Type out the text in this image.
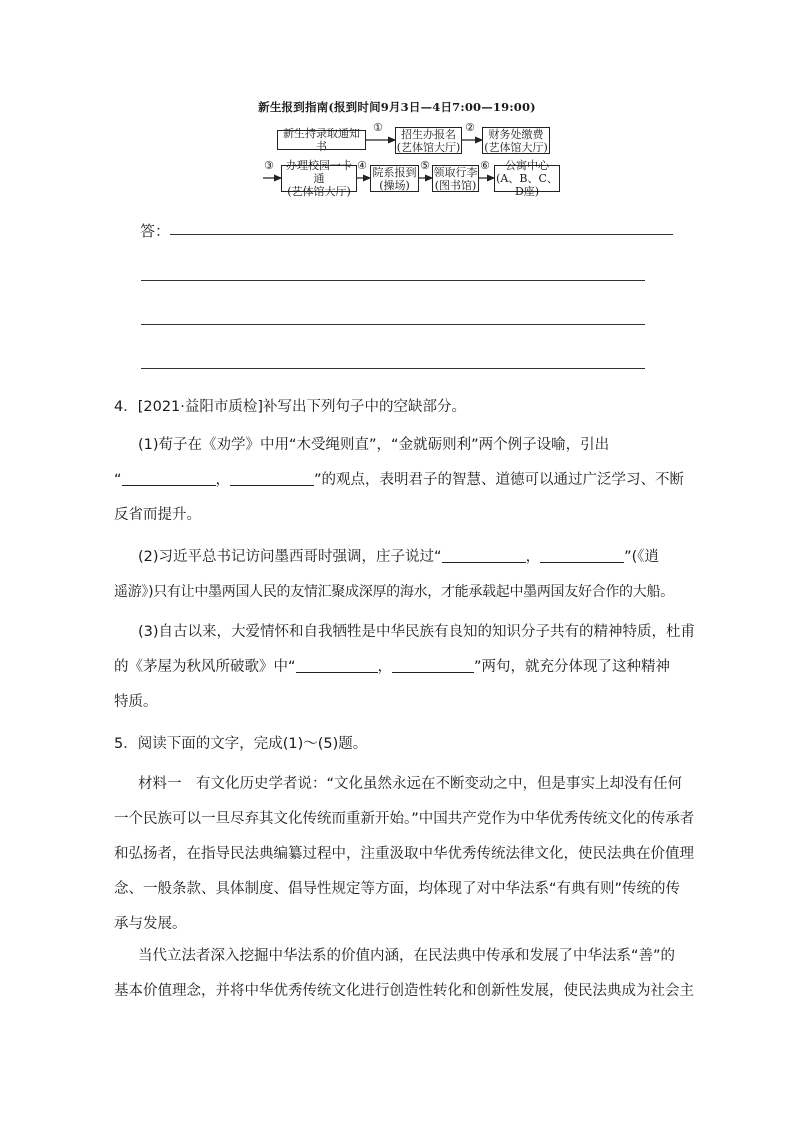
新生报到指南(报到时间9月3日—4日7:00—19:00)
①	②
③	④	⑤	⑥
新生持录取通知书
招生办报名
(艺体馆大厅)
财务处缴费
(艺体馆大厅)
办理校园一卡通
(艺体馆大厅)
院系报到
(操场)
领取行李
(图书馆)
公寓中心
(A、B、C、D座)
答：
4．[2021·益阳市质检]补写出下列句子中的空缺部分。
(1)荀子在《劝学》中用“木受绳则直”，“金就砺则利”两个例子设喻，引出
“	，	”的观点，表明君子的智慧、道德可以通过广泛学习、不断
反省而提升。
(2)习近平总书记访问墨西哥时强调，庄子说过“	，	”(《逍
遥游》)只有让中墨两国人民的友情汇聚成深厚的海水，才能承载起中墨两国友好合作的大船。
(3)自古以来，大爱情怀和自我牺牲是中华民族有良知的知识分子共有的精神特质，杜甫
的《茅屋为秋风所破歌》中“	，	”两句，就充分体现了这种精神
特质。
5．阅读下面的文字，完成(1)～(5)题。
材料一　有文化历史学者说：“文化虽然永远在不断变动之中，但是事实上却没有任何
一个民族可以一旦尽弃其文化传统而重新开始。”中国共产党作为中华优秀传统文化的传承者
和弘扬者，在指导民法典编纂过程中，注重汲取中华优秀传统法律文化，使民法典在价值理
念、一般条款、具体制度、倡导性规定等方面，均体现了对中华法系“有典有则”传统的传
承与发展。
当代立法者深入挖掘中华法系的价值内涵，在民法典中传承和发展了中华法系“善”的
基本价值理念，并将中华优秀传统文化进行创造性转化和创新性发展，使民法典成为社会主
